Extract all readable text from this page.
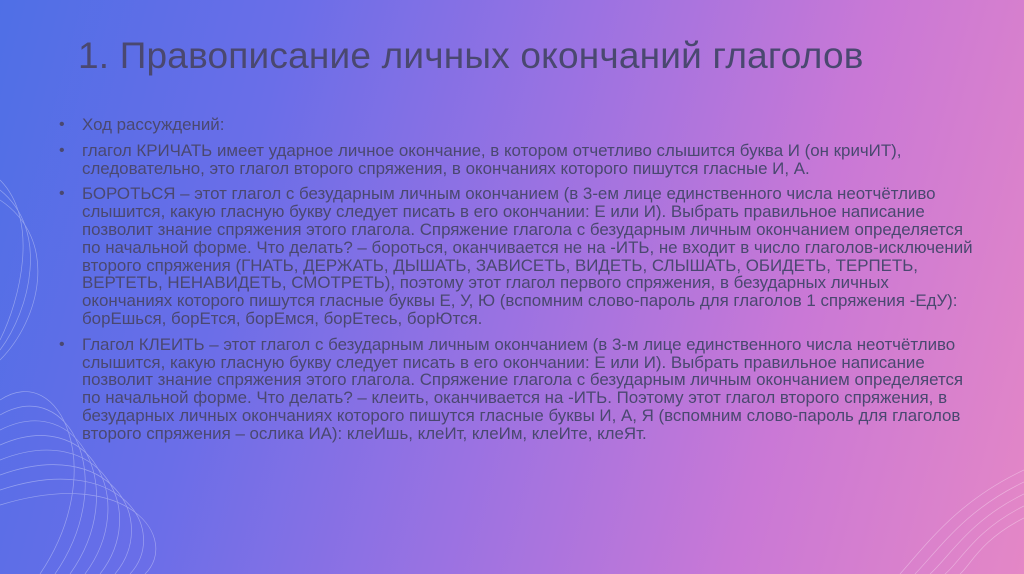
1. Правописание личных окончаний глаголов
• Ход рассуждений:
• глагол КРИЧАТЬ имеет ударное личное окончание, в котором отчетливо слышится буква И (он кричИТ), следовательно, это глагол второго спряжения, в окончаниях которого пишутся гласные И, А.
• БОРОТЬСЯ – этот глагол с безударным личным окончанием (в 3-ем лице единственного числа неотчётливо слышится, какую гласную букву следует писать в его окончании: Е или И). Выбрать правильное написание позволит знание спряжения этого глагола. Спряжение глагола с безударным личным окончанием определяется по начальной форме. Что делать? – бороться, оканчивается не на -ИТЬ, не входит в число глаголов-исключений второго спряжения (ГНАТЬ, ДЕРЖАТЬ, ДЫШАТЬ, ЗАВИСЕТЬ, ВИДЕТЬ, СЛЫШАТЬ, ОБИДЕТЬ, ТЕРПЕТЬ, ВЕРТЕТЬ, НЕНАВИДЕТЬ, СМОТРЕТЬ), поэтому этот глагол первого спряжения, в безударных личных окончаниях которого пишутся гласные буквы Е, У, Ю (вспомним слово-пароль для глаголов 1 спряжения -ЕдУ): борЕшься, борЕтся, борЕмся, борЕтесь, борЮтся.
• Глагол КЛЕИТЬ – этот глагол с безударным личным окончанием (в 3-м лице единственного числа неотчётливо слышится, какую гласную букву следует писать в его окончании: Е или И). Выбрать правильное написание позволит знание спряжения этого глагола. Спряжение глагола с безударным личным окончанием определяется по начальной форме. Что делать? – клеить, оканчивается на -ИТЬ. Поэтому этот глагол второго спряжения, в безударных личных окончаниях которого пишутся гласные буквы И, А, Я (вспомним слово-пароль для глаголов второго спряжения – ослика ИА): клеИшь, клеИт, клеИм, клеИте, клеЯт.
